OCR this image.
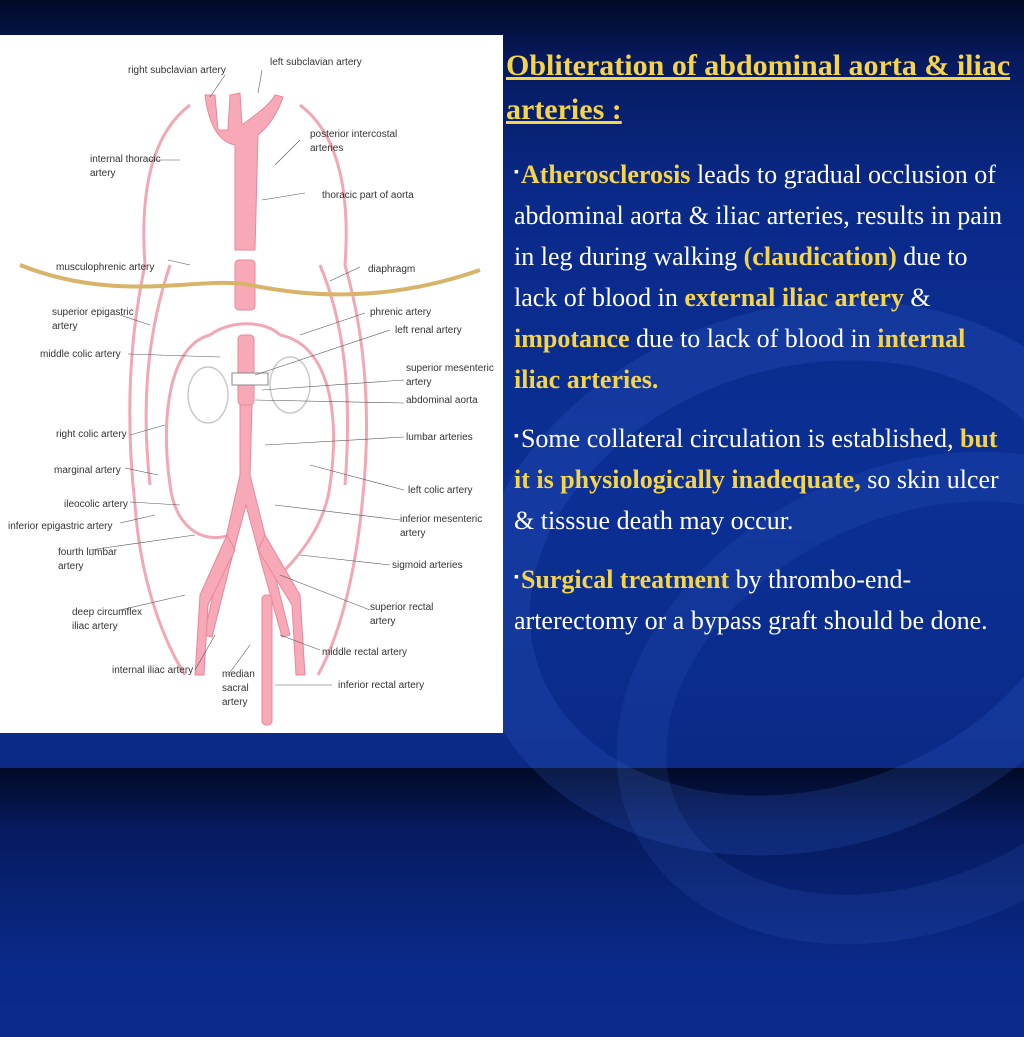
right subclavian artery
left subclavian artery
posterior intercostal
arteries
internal thoracic
artery
thoracic part of aorta
musculophrenic artery	diaphragm
superior epigastric
artery
phrenic artery
left renal artery
middle colic artery
superior mesenteric
artery
abdominal aorta
right colic artery	lumbar arteries
marginal artery
left colic artery
ileocolic artery
inferior epigastric artery
inferior mesenteric
artery
fourth lumbar
artery	sigmoid arteries
deep circumflex
iliac artery
superior rectal
artery
middle rectal artery
internal iliac artery	median
sacral
artery
inferior rectal artery
Obliteration of abdominal aorta & iliac arteries :

▪Atherosclerosis leads to gradual occlusion of abdominal aorta & iliac arteries, results in pain in leg during walking (claudication) due to lack of blood in external iliac artery & impotance due to lack of blood in internal iliac arteries.

▪Some collateral circulation is established, but it is physiologically inadequate, so skin ulcer & tisssue death may occur.

▪Surgical treatment by thrombo-end-arterectomy or a bypass graft should be done.
